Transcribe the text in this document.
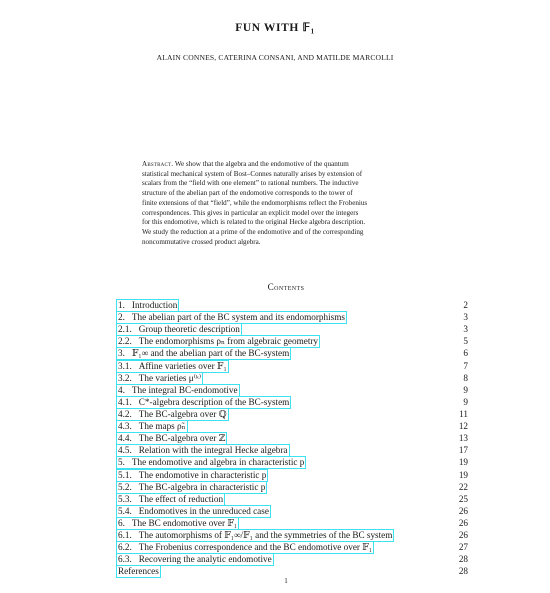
FUN WITH 𝔽₁
ALAIN CONNES, CATERINA CONSANI, AND MATILDE MARCOLLI

Abstract. We show that the algebra and the endomotive of the quantum

statistical mechanical system of Bost–Connes naturally arises by extension of

scalars from the “field with one element” to rational numbers. The inductive

structure of the abelian part of the endomotive corresponds to the tower of

finite extensions of that “field”, while the endomorphisms reflect the Frobenius

correspondences. This gives in particular an explicit model over the integers

for this endomotive, which is related to the original Hecke algebra description.

We study the reduction at a prime of the endomotive and of the corresponding

noncommutative crossed product algebra.

Contents
1. Introduction	2
2. The abelian part of the BC system and its endomorphisms	3
2.1. Group theoretic description	3
2.2. The endomorphisms ρₙ from algebraic geometry	5
3. 𝔽₁∞ and the abelian part of the BC-system	6
3.1. Affine varieties over 𝔽₁	7
3.2. The varieties μ⁽ᵏ⁾	8
4. The integral BC-endomotive	9
4.1. C*-algebra description of the BC-system	9
4.2. The BC-algebra over ℚ	11
4.3. The maps ρ̃ₙ	12
4.4. The BC-algebra over ℤ	13
4.5. Relation with the integral Hecke algebra	17
5. The endomotive and algebra in characteristic p	19
5.1. The endomotive in characteristic p	19
5.2. The BC-algebra in characteristic p	22
5.3. The effect of reduction	25
5.4. Endomotives in the unreduced case	26
6. The BC endomotive over 𝔽₁	26
6.1. The automorphisms of 𝔽₁∞/𝔽₁ and the symmetries of the BC system	26
6.2. The Frobenius correspondence and the BC endomotive over 𝔽₁	27
6.3. Recovering the analytic endomotive	28
References	28
1
